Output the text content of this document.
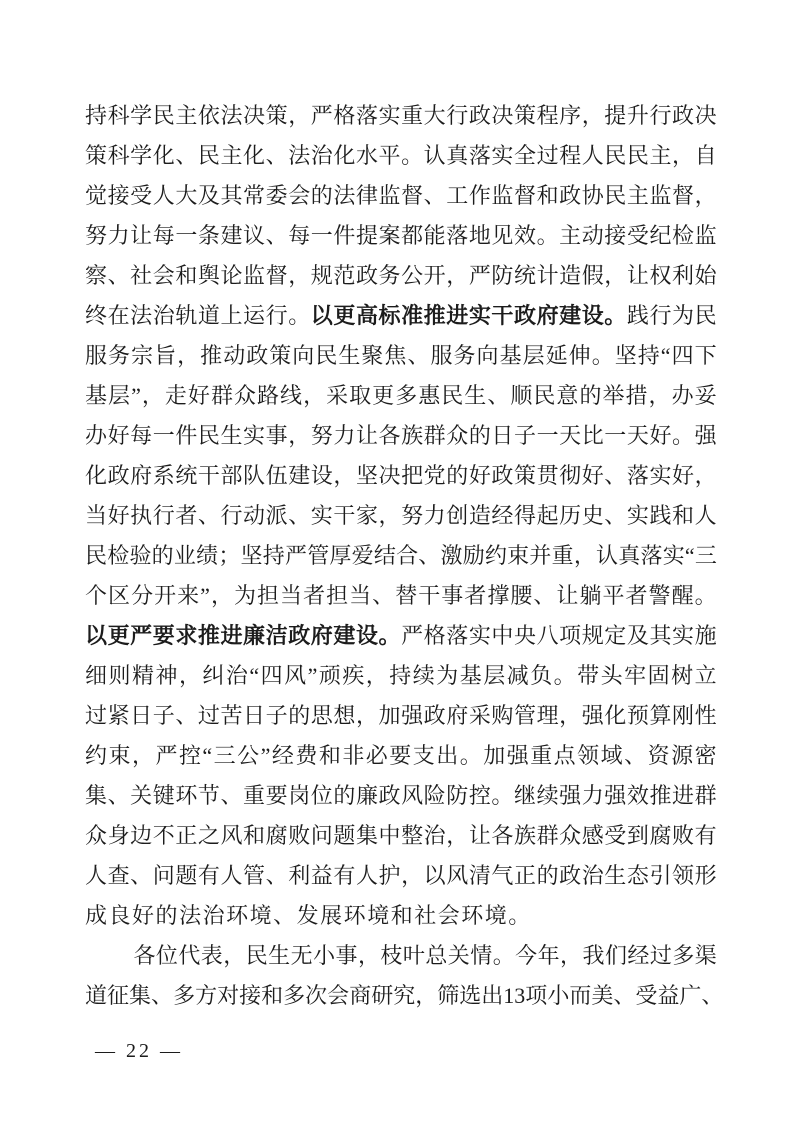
持 科 学 民 主 依 法 决 策 ， 严 格 落 实 重 大 行 政 决 策 程 序 ， 提 升 行 政 决
策 科 学 化 、 民 主 化 、 法 治 化 水 平 。 认 真 落 实 全 过 程 人 民 民 主 ， 自
觉 接 受 人 大 及 其 常 委 会 的 法 律 监 督 、 工 作 监 督 和 政 协 民 主 监 督 ，
努 力 让 每 一 条 建 议 、 每 一 件 提 案 都 能 落 地 见 效 。 主 动 接 受 纪 检 监
察 、 社 会 和 舆 论 监 督 ， 规 范 政 务 公 开 ， 严 防 统 计 造 假 ， 让 权 利 始
终 在 法 治 轨 道 上 运 行 。 以 更 高 标 准 推 进 实 干 政 府 建 设 。 践 行 为 民
服 务 宗 旨 ， 推 动 政 策 向 民 生 聚 焦 、 服 务 向 基 层 延 伸 。 坚 持 “ 四 下
基 层 ” ， 走 好 群 众 路 线 ， 采 取 更 多 惠 民 生 、 顺 民 意 的 举 措 ， 办 妥
办 好 每 一 件 民 生 实 事 ， 努 力 让 各 族 群 众 的 日 子 一 天 比 一 天 好 。 强
化 政 府 系 统 干 部 队 伍 建 设 ， 坚 决 把 党 的 好 政 策 贯 彻 好 、 落 实 好 ，
当 好 执 行 者 、 行 动 派 、 实 干 家 ， 努 力 创 造 经 得 起 历 史 、 实 践 和 人
民 检 验 的 业 绩 ； 坚 持 严 管 厚 爱 结 合 、 激 励 约 束 并 重 ， 认 真 落 实 “ 三
个 区 分 开 来 ” ， 为 担 当 者 担 当 、 替 干 事 者 撑 腰 、 让 躺 平 者 警 醒 。
以 更 严 要 求 推 进 廉 洁 政 府 建 设 。 严 格 落 实 中 央 八 项 规 定 及 其 实 施
细 则 精 神 ， 纠 治 “ 四 风 ” 顽 疾 ， 持 续 为 基 层 减 负 。 带 头 牢 固 树 立
过 紧 日 子 、 过 苦 日 子 的 思 想 ， 加 强 政 府 采 购 管 理 ， 强 化 预 算 刚 性
约 束 ， 严 控 “ 三 公 ” 经 费 和 非 必 要 支 出 。 加 强 重 点 领 域 、 资 源 密
集 、 关 键 环 节 、 重 要 岗 位 的 廉 政 风 险 防 控 。 继 续 强 力 强 效 推 进 群
众 身 边 不 正 之 风 和 腐 败 问 题 集 中 整 治 ， 让 各 族 群 众 感 受 到 腐 败 有
人 查 、 问 题 有 人 管 、 利 益 有 人 护 ， 以 风 清 气 正 的 政 治 生 态 引 领 形
成 良 好 的 法 治 环 境 、 发 展 环 境 和 社 会 环 境 。
各 位 代 表 ， 民 生 无 小 事 ， 枝 叶 总 关 情 。 今 年 ， 我 们 经 过 多 渠
道 征 集 、 多 方 对 接 和 多 次 会 商 研 究 ， 筛 选 出 13 项 小 而 美 、 受 益 广 、
— 22 —
